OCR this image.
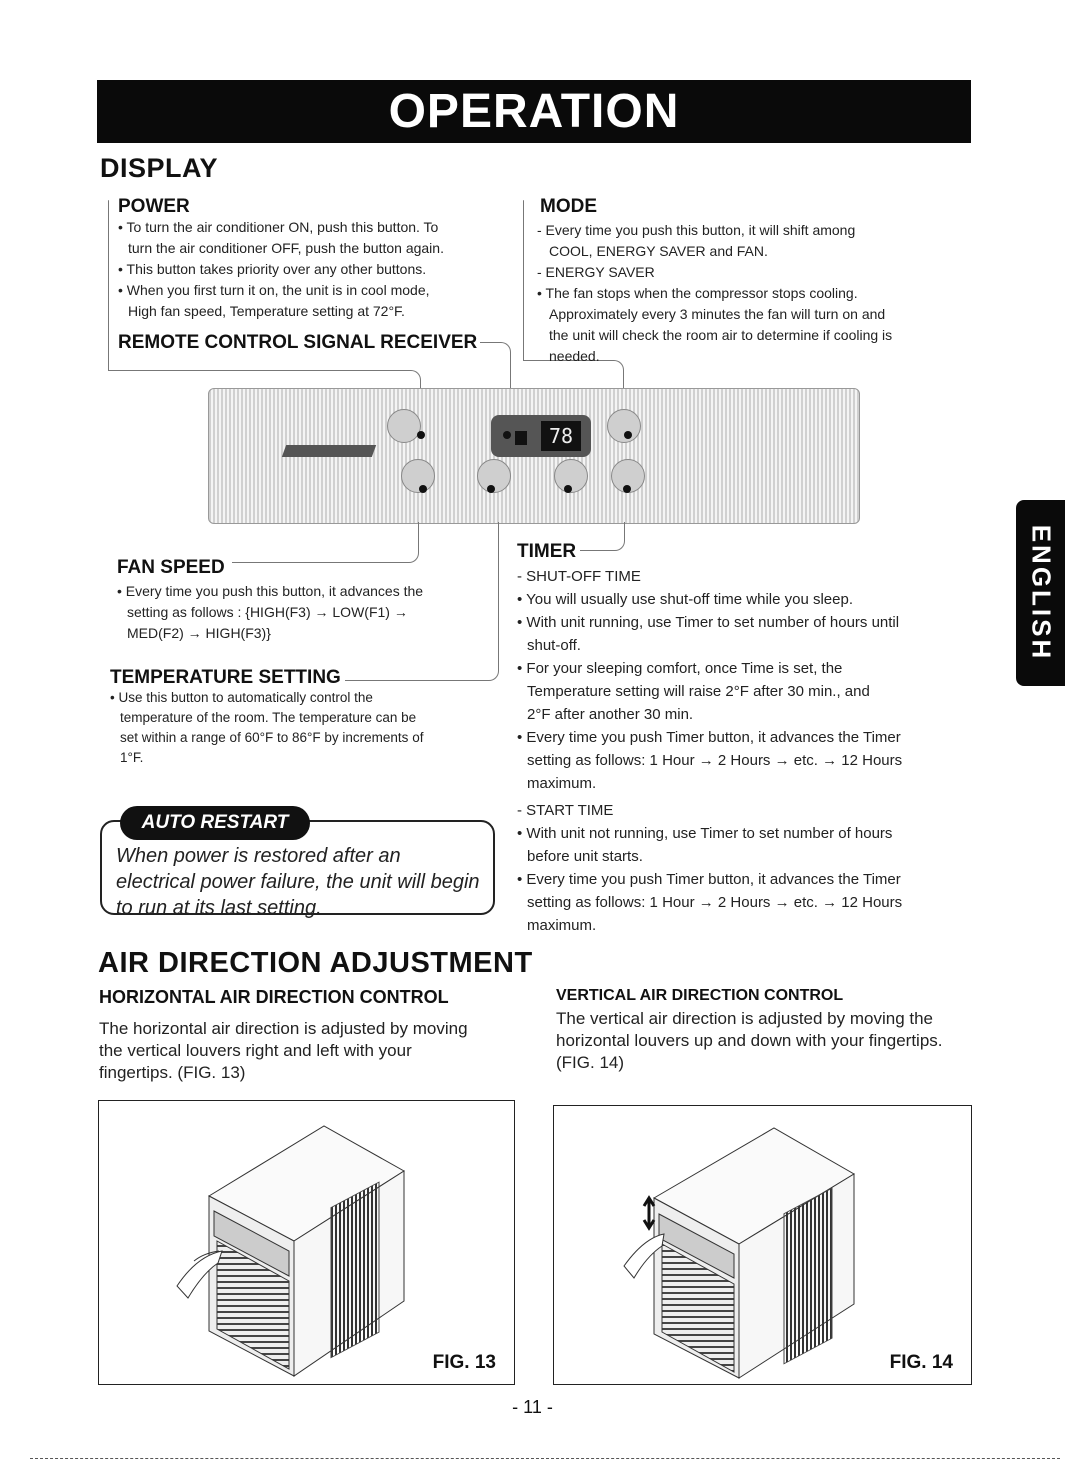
OPERATION
ENGLISH
DISPLAY
POWER

• To turn the air conditioner ON, push this button. To

turn the air conditioner OFF, push the button again.

• This button takes priority over any other buttons.

• When you first turn it on, the unit is in cool mode,

High fan speed, Temperature setting at 72°F.

REMOTE CONTROL SIGNAL RECEIVER
MODE

- Every time you push this button, it will shift among

COOL, ENERGY SAVER and FAN.

- ENERGY SAVER

• The fan stops when the compressor stops cooling.

Approximately every 3 minutes the fan will turn on and

the unit will check the room air to determine if cooling is

needed.

78
FAN SPEED

• Every time you push this button, it advances the

setting as follows : {HIGH(F3) → LOW(F1) →

MED(F2) → HIGH(F3)}

TEMPERATURE SETTING

• Use this button to automatically control the

temperature of the room. The temperature can be

set within a range of 60°F to 86°F by increments of

1°F.

TIMER

- SHUT-OFF TIME

• You will usually use shut-off time while you sleep.

• With unit running, use Timer to set number of hours until

shut-off.

• For your sleeping comfort, once Time is set, the

Temperature setting will raise 2°F after 30 min., and

2°F after another 30 min.

• Every time you push Timer button, it advances the Timer

setting as follows: 1 Hour → 2 Hours → etc. → 12 Hours

maximum.

- START TIME

• With unit not running, use Timer to set number of hours

before unit starts.

• Every time you push Timer button, it advances the Timer

setting as follows: 1 Hour → 2 Hours → etc. → 12 Hours

maximum.

AUTO RESTART
When power is restored after an
electrical power failure, the unit will begin
to run at its last setting.
AIR DIRECTION ADJUSTMENT
HORIZONTAL AIR DIRECTION CONTROL

The horizontal air direction is adjusted by moving

the vertical louvers right and left with your

fingertips. (FIG. 13)

VERTICAL AIR DIRECTION CONTROL

The vertical air direction is adjusted by moving the

horizontal louvers up and down with your fingertips.

(FIG. 14)

FIG. 13	FIG. 14
- 11 -
